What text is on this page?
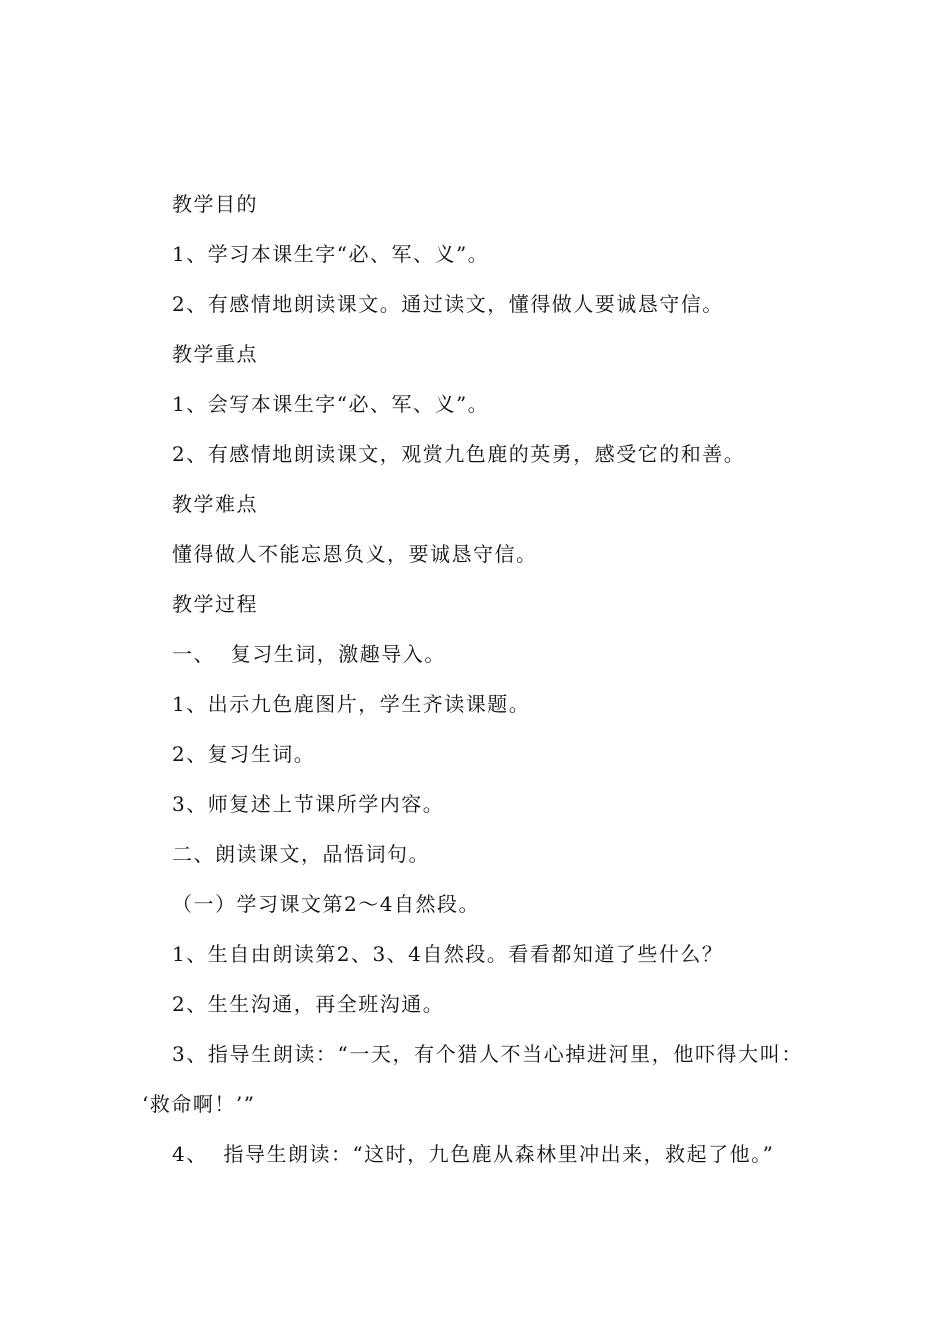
教学目的
1、学习本课生字“必、军、义”。
2、有感情地朗读课文。通过读文，懂得做人要诚恳守信。
教学重点
1、会写本课生字“必、军、义”。
2、有感情地朗读课文，观赏九色鹿的英勇，感受它的和善。
教学难点
懂得做人不能忘恩负义，要诚恳守信。
教学过程
一、  复习生词，激趣导入。
1、出示九色鹿图片，学生齐读课题。
2、复习生词。
3、师复述上节课所学内容。
二、朗读课文，品悟词句。
（一）学习课文第2～4自然段。
1、生自由朗读第2、3、4自然段。看看都知道了些什么？
2、生生沟通，再全班沟通。
3、指导生朗读：“一天，有个猎人不当心掉进河里，他吓得大叫：
‘救命啊！’”
4、  指导生朗读：“这时，九色鹿从森林里冲出来，救起了他。”
